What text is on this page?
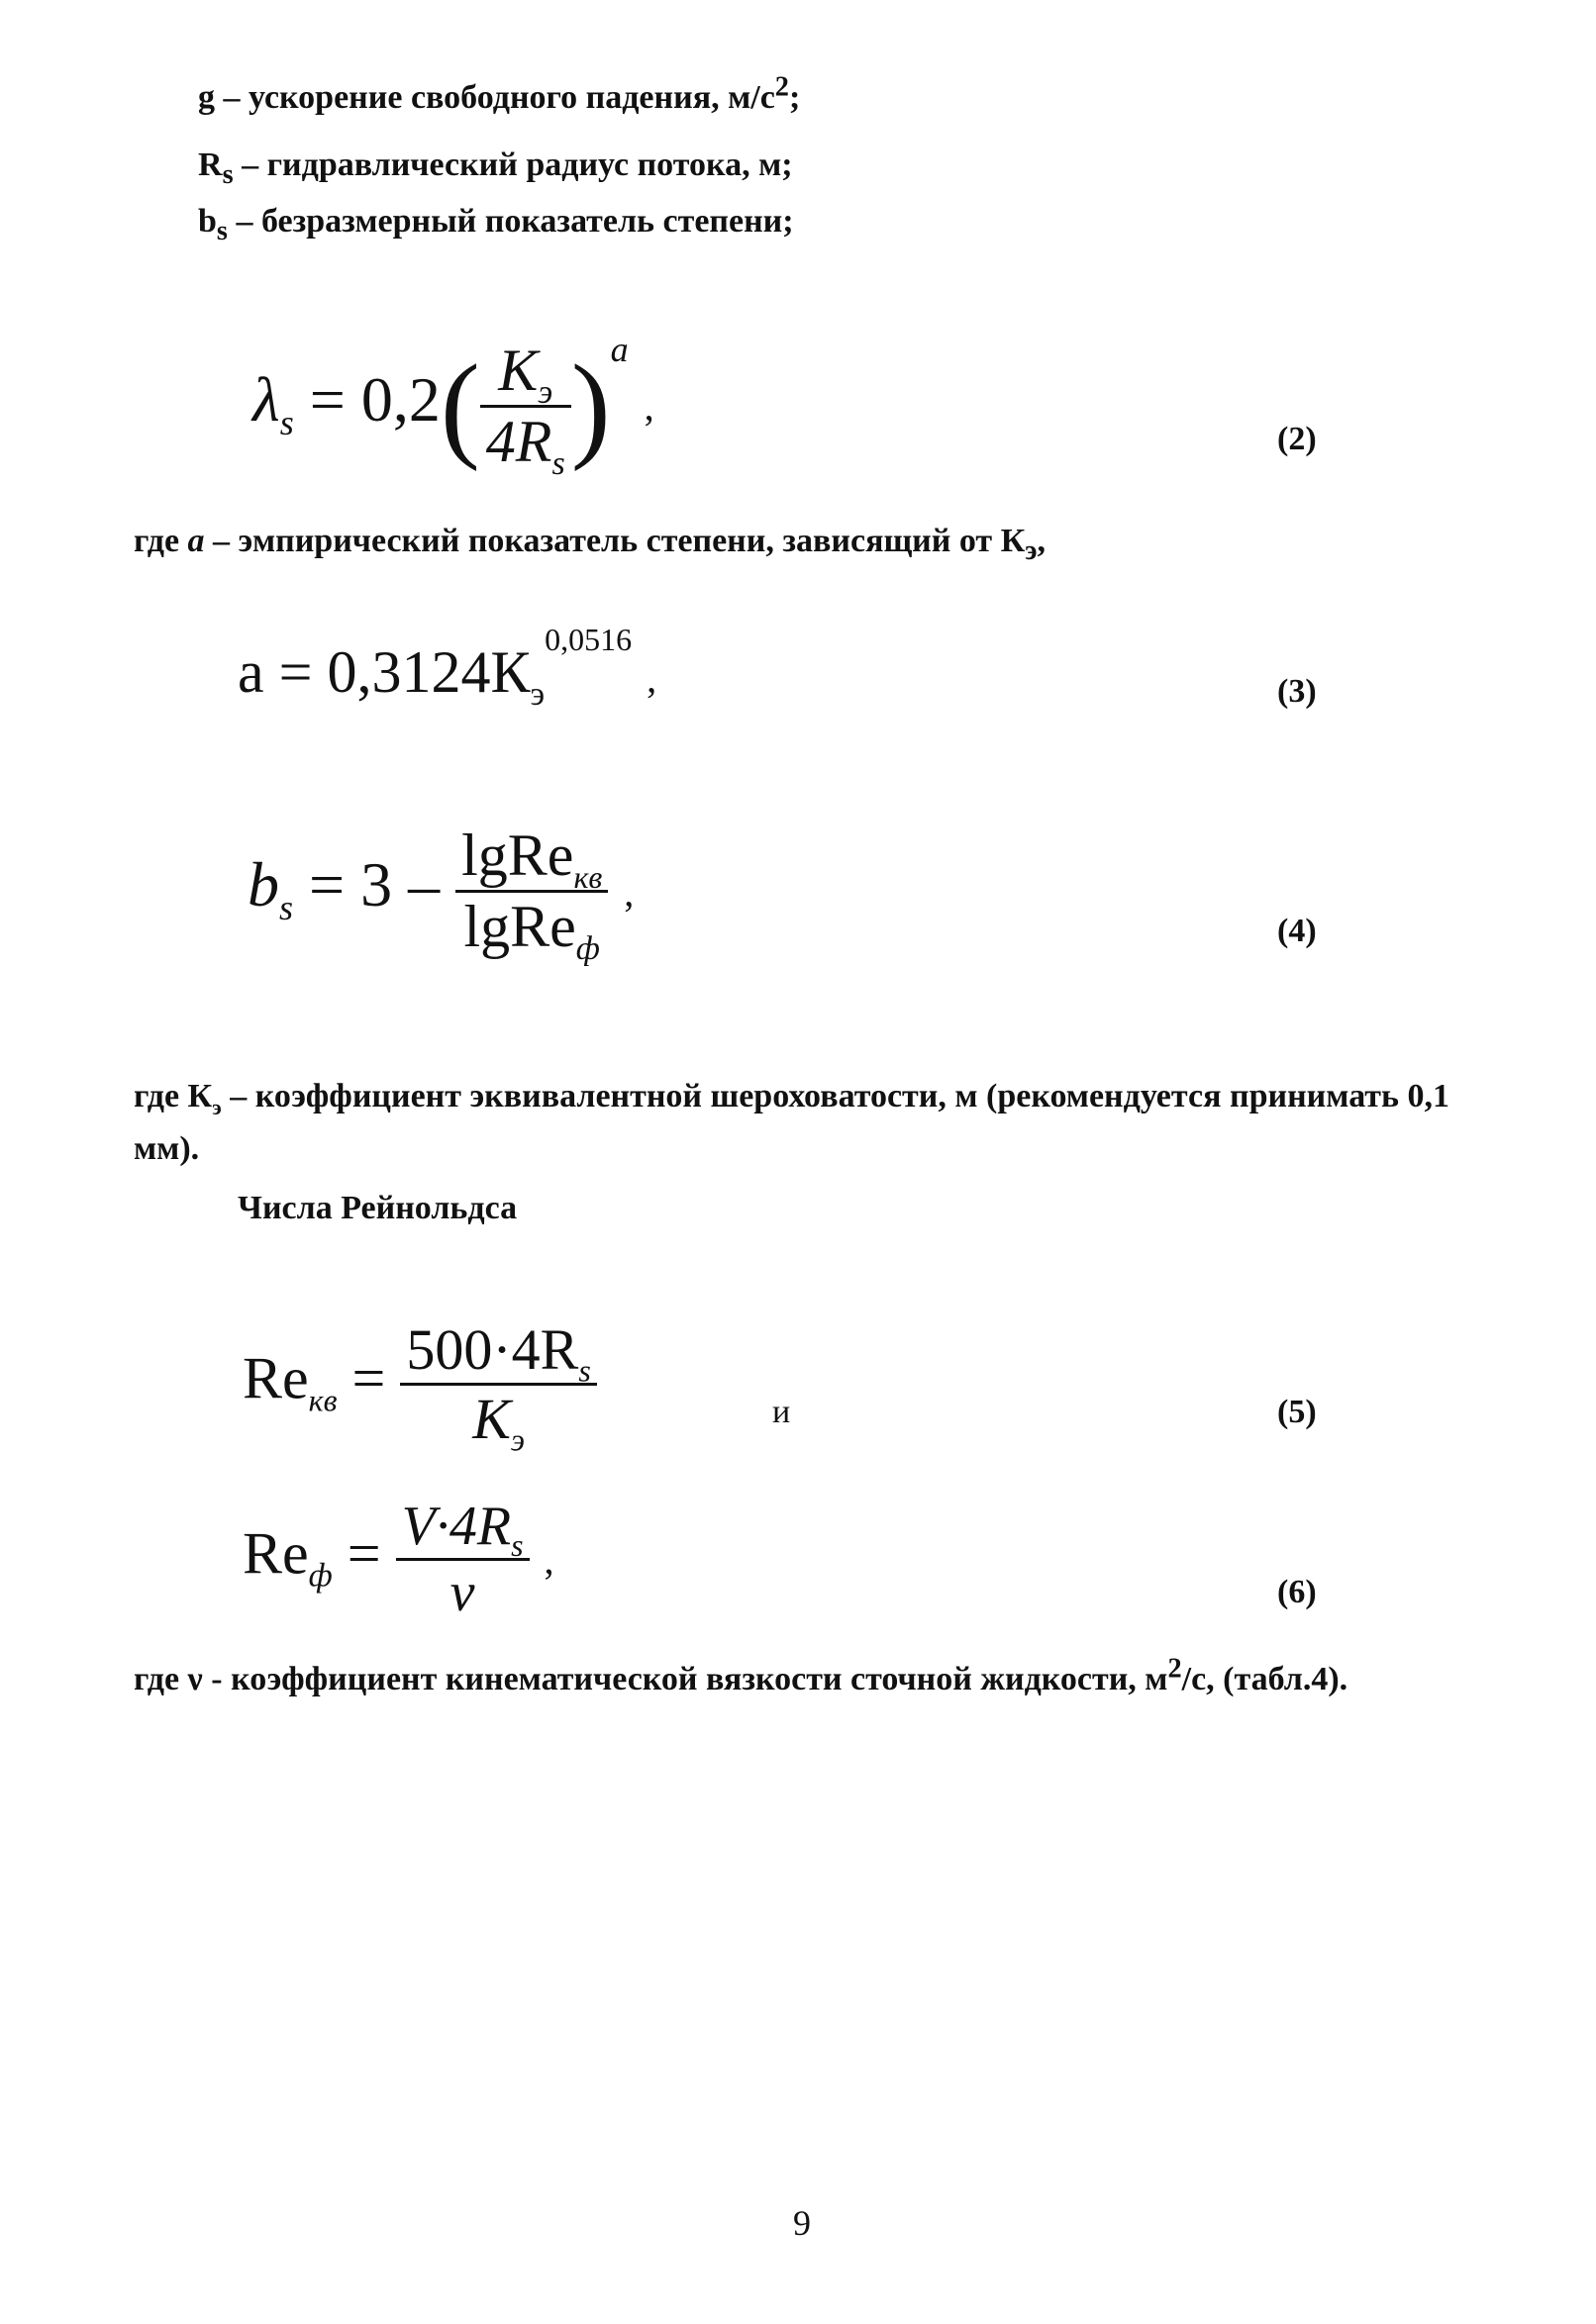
g – ускорение свободного падения, $м/с^2$;
$R_s$ – гидравлический радиус потока, м;
$b_s$ – безразмерный показатель степени;
$\lambda_s = 0,2( \frac{K_э}{4R_s} )^a$ ,
(2)
где a – эмпирический показатель степени, зависящий от $К_э$,
$a = 0,3124К_э^{0,0516}$ ,	(3)
$b_s = 3 - \frac{lgRe_{кв}}{lgRe_ф}$ ,
(4)
где $К_э$ – коэффициент эквивалентной шероховатости, м (рекомендуется принимать 0,1
мм).
Числа Рейнольдса
$Re_{кв} = \frac{500\cdot 4R_s}{K_э}$	и	(5)
$Re_ф = \frac{V\cdot 4R_s}{\nu}$ ,
(6)
где ν - коэффициент кинематической вязкости сточной жидкости, $м^2/с$, (табл.4).
9
